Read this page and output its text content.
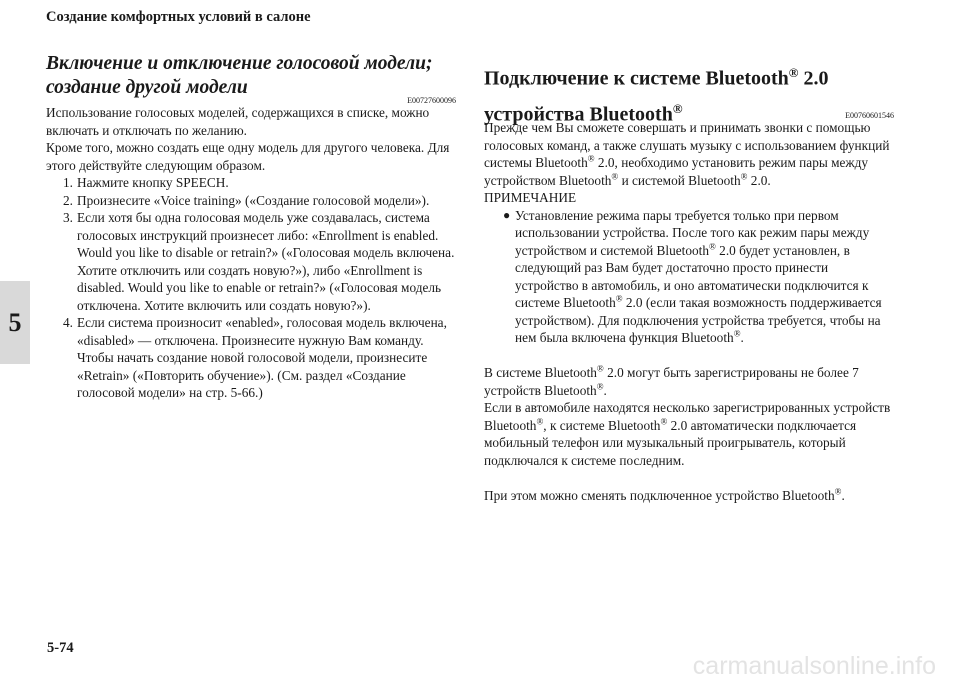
Создание комфортных условий в салоне
5
Включение и отключение голосовой модели; создание другой модели
E00727600096

Использование голосовых моделей, содержащихся в списке, можно включать и отключать по желанию.

Кроме того, можно создать еще одну модель для другого человека. Для этого действуйте следующим образом.

1. Нажмите кнопку SPEECH.
2. Произнесите «Voice training» («Создание голосовой модели»).
3. Если хотя бы одна голосовая модель уже создавалась, система голосовых инструкций произнесет либо: «Enrollment is enabled. Would you like to disable or retrain?» («Голосовая модель включена. Хотите отключить или создать новую?»), либо «Enrollment is disabled. Would you like to enable or retrain?» («Голосовая модель отключена. Хотите включить или создать новую?»).
4. Если система произносит «enabled», голосовая модель включена, «disabled» — отключена. Произнесите нужную Вам команду.
Чтобы начать создание новой голосовой модели, произнесите «Retrain» («Повторить обучение»). (См. раздел «Создание голосовой модели» на стр. 5-66.)
Подключение к системе Bluetooth® 2.0
устройства Bluetooth®	E00760601546

Прежде чем Вы сможете совершать и принимать звонки с помощью голосовых команд, а также слушать музыку с использованием функций системы Bluetooth® 2.0, необходимо установить режим пары между устройством Bluetooth® и системой Bluetooth® 2.0.

ПРИМЕЧАНИЕ

● Установление режима пары требуется только при первом использовании устройства. После того как режим пары между устройством и системой Bluetooth® 2.0 будет установлен, в следующий раз Вам будет достаточно просто принести устройство в автомобиль, и оно автоматически подключится к системе Bluetooth® 2.0 (если такая возможность поддерживается устройством). Для подключения устройства требуется, чтобы на нем была включена функция Bluetooth®.

В системе Bluetooth® 2.0 могут быть зарегистрированы не более 7 устройств Bluetooth®.

Если в автомобиле находятся несколько зарегистрированных устройств Bluetooth®, к системе Bluetooth® 2.0 автоматически подключается мобильный телефон или музыкальный проигрыватель, который подключался к системе последним.

При этом можно сменять подключенное устройство Bluetooth®.

5-74
carmanualsonline.info
